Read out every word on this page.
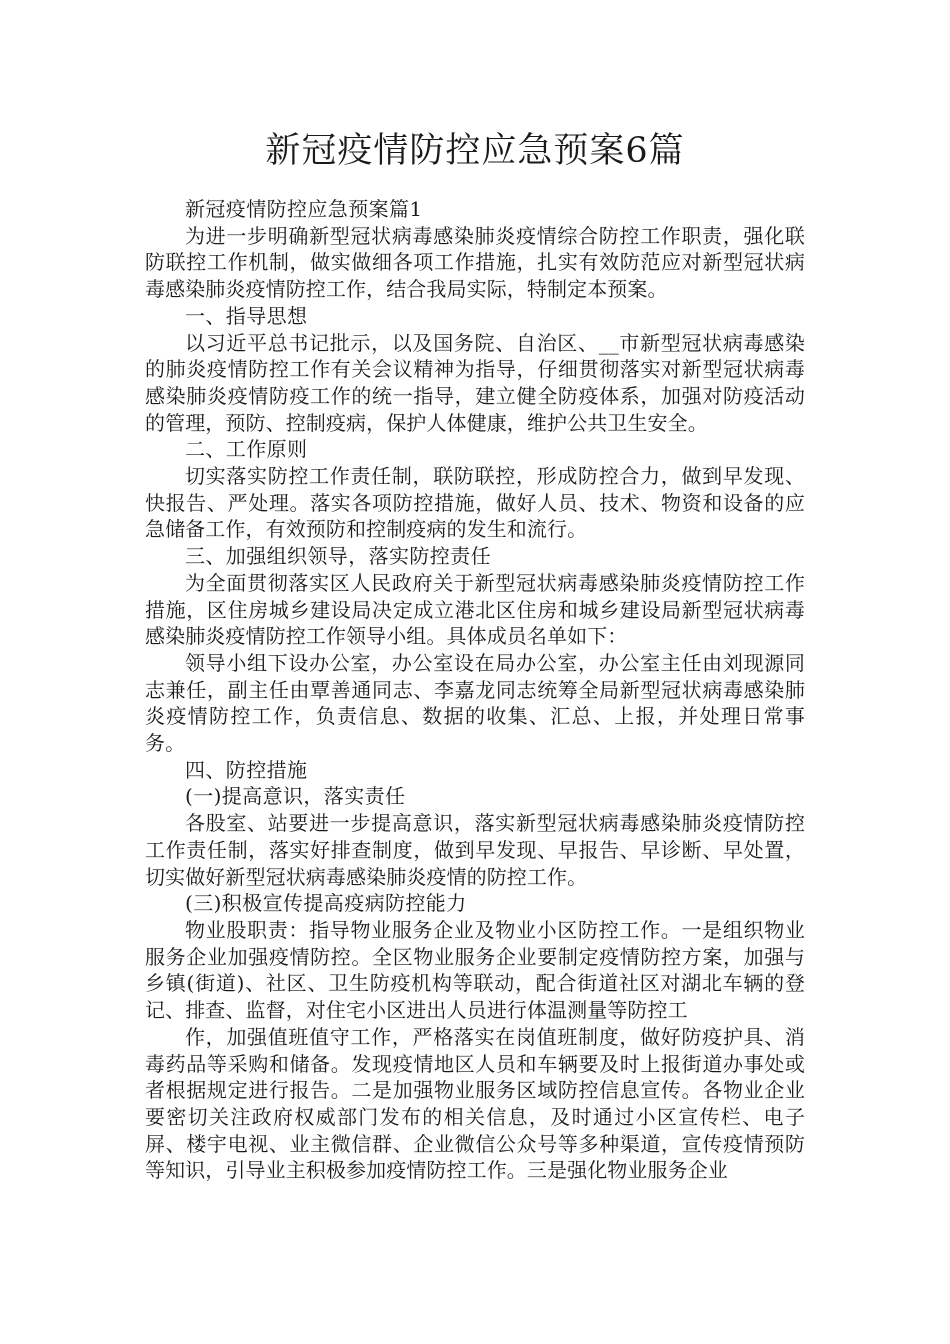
新冠疫情防控应急预案6篇

新冠疫情防控应急预案篇1

为进一步明确新型冠状病毒感染肺炎疫情综合防控工作职责，强化联防联控工作机制，做实做细各项工作措施，扎实有效防范应对新型冠状病毒感染肺炎疫情防控工作，结合我局实际，特制定本预案。

一、指导思想

以习近平总书记批示，以及国务院、自治区、__市新型冠状病毒感染的肺炎疫情防控工作有关会议精神为指导，仔细贯彻落实对新型冠状病毒感染肺炎疫情防疫工作的统一指导，建立健全防疫体系，加强对防疫活动的管理，预防、控制疫病，保护人体健康，维护公共卫生安全。

二、工作原则

切实落实防控工作责任制，联防联控，形成防控合力，做到早发现、快报告、严处理。落实各项防控措施，做好人员、技术、物资和设备的应急储备工作，有效预防和控制疫病的发生和流行。

三、加强组织领导，落实防控责任

为全面贯彻落实区人民政府关于新型冠状病毒感染肺炎疫情防控工作措施，区住房城乡建设局决定成立港北区住房和城乡建设局新型冠状病毒感染肺炎疫情防控工作领导小组。具体成员名单如下：

领导小组下设办公室，办公室设在局办公室，办公室主任由刘现源同志兼任，副主任由覃善通同志、李嘉龙同志统筹全局新型冠状病毒感染肺炎疫情防控工作，负责信息、数据的收集、汇总、上报，并处理日常事务。

四、防控措施

(一)提高意识，落实责任

各股室、站要进一步提高意识，落实新型冠状病毒感染肺炎疫情防控工作责任制，落实好排查制度，做到早发现、早报告、早诊断、早处置，切实做好新型冠状病毒感染肺炎疫情的防控工作。

(三)积极宣传提高疫病防控能力

物业股职责：指导物业服务企业及物业小区防控工作。一是组织物业服务企业加强疫情防控。全区物业服务企业要制定疫情防控方案，加强与乡镇(街道)、社区、卫生防疫机构等联动，配合街道社区对湖北车辆的登记、排查、监督，对住宅小区进出人员进行体温测量等防控工

作，加强值班值守工作，严格落实在岗值班制度，做好防疫护具、消毒药品等采购和储备。发现疫情地区人员和车辆要及时上报街道办事处或者根据规定进行报告。二是加强物业服务区域防控信息宣传。各物业企业要密切关注政府权威部门发布的相关信息，及时通过小区宣传栏、电子屏、楼宇电视、业主微信群、企业微信公众号等多种渠道，宣传疫情预防等知识，引导业主积极参加疫情防控工作。三是强化物业服务企业
